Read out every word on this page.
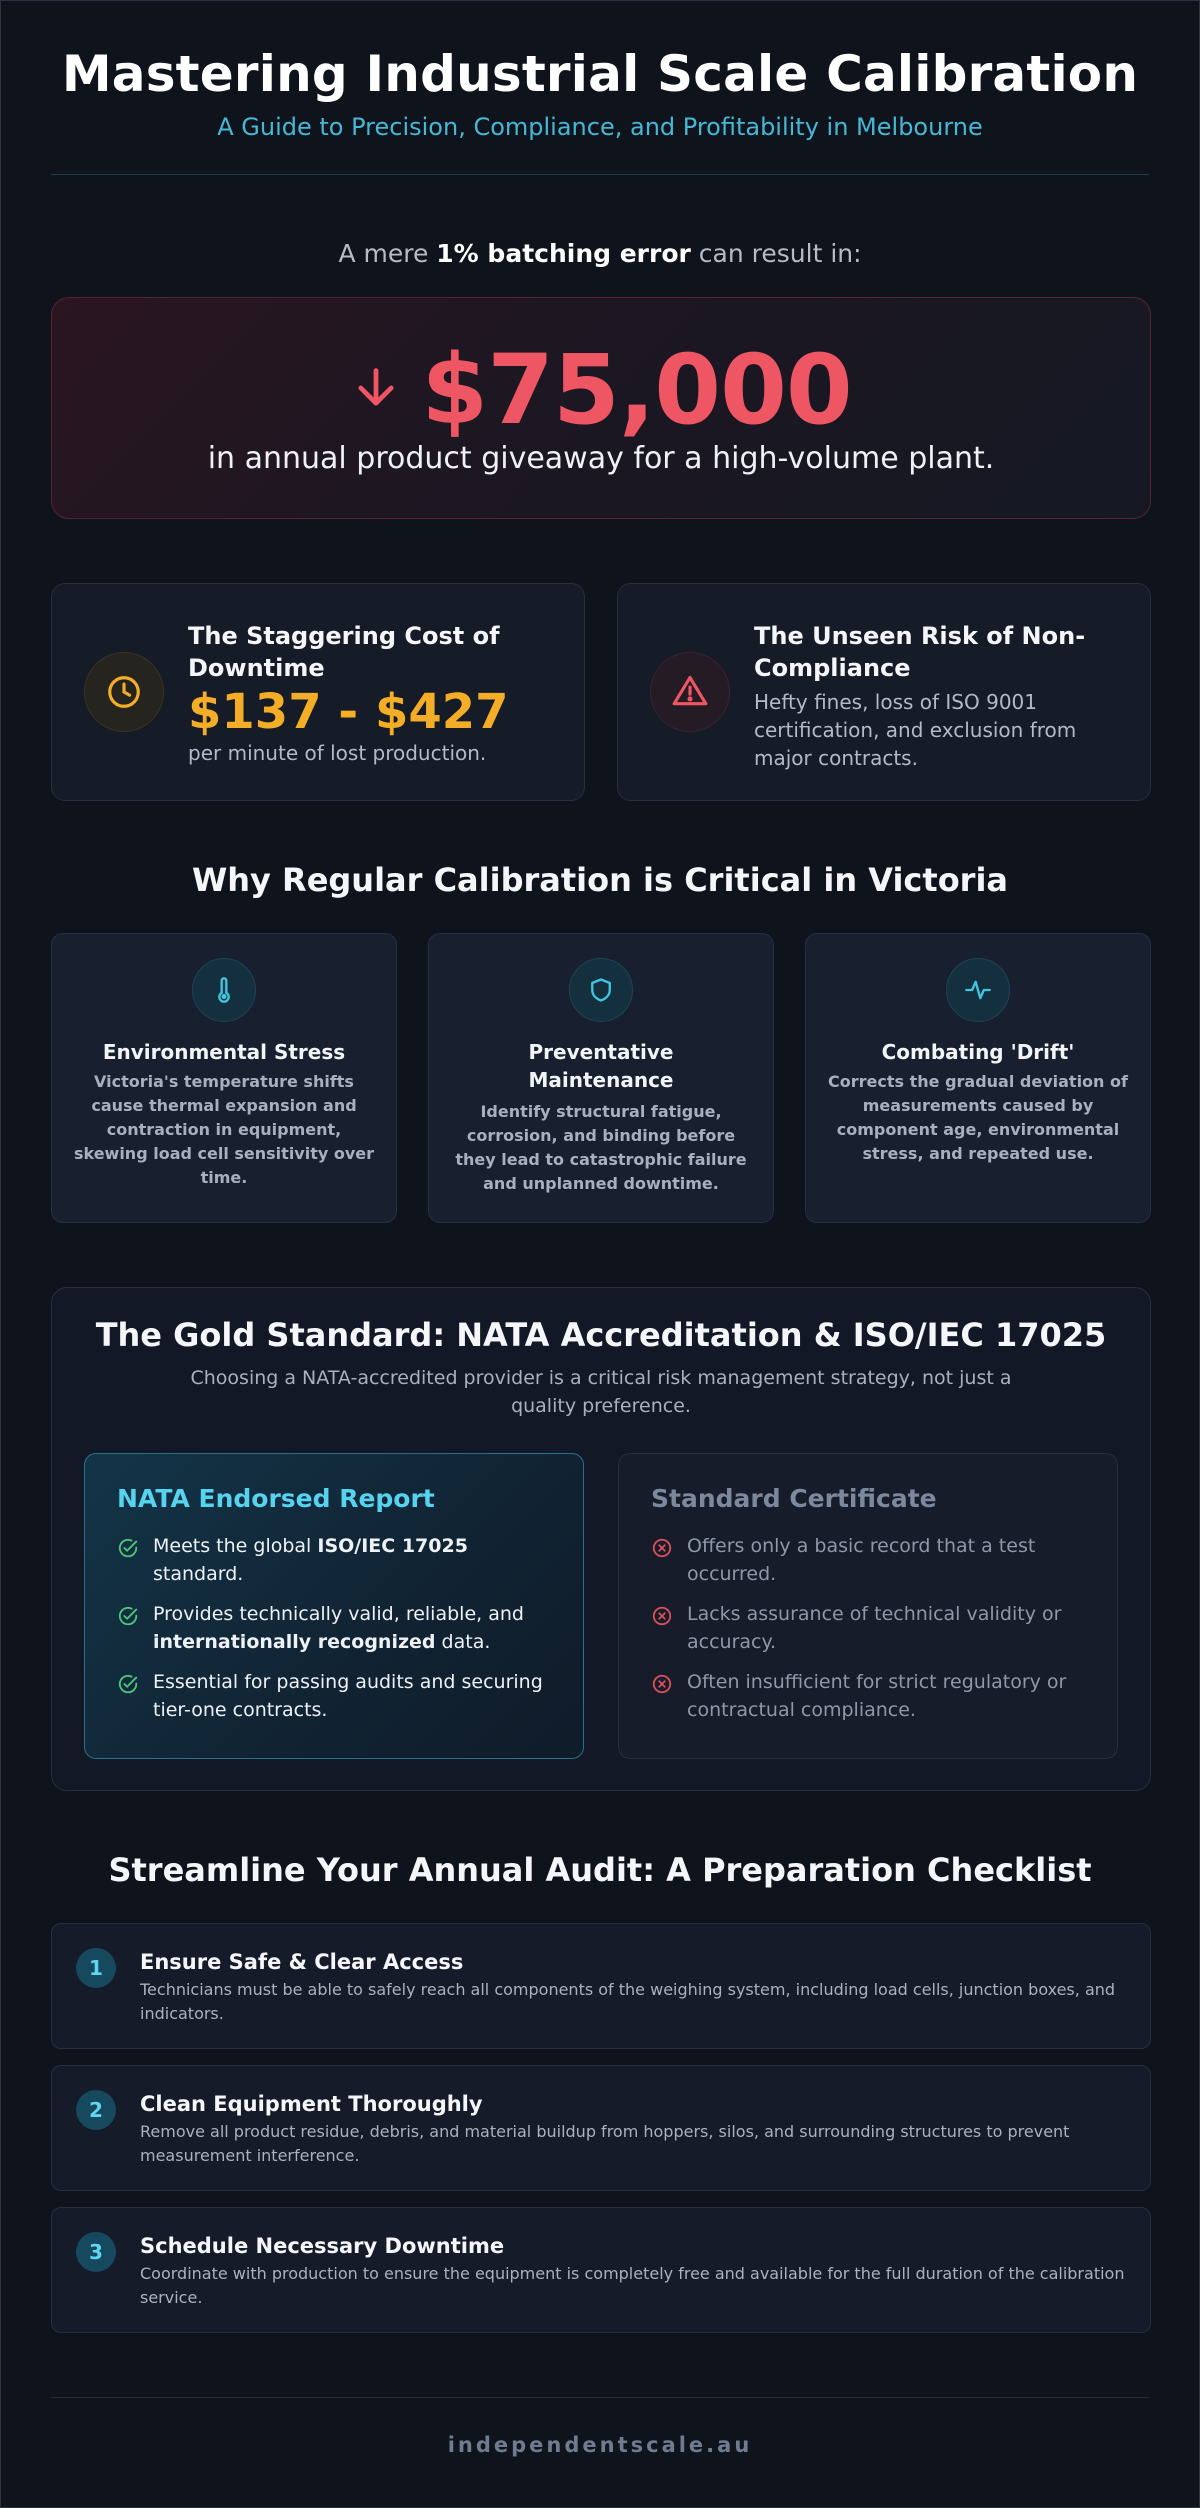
Mastering Industrial Scale Calibration
A Guide to Precision, Compliance, and Profitability in Melbourne
A mere 1% batching error can result in:
$75,000
in annual product giveaway for a high-volume plant.
The Staggering Cost of Downtime
$137 - $427
per minute of lost production.
The Unseen Risk of Non-Compliance
Hefty fines, loss of ISO 9001 certification, and exclusion from major contracts.
Why Regular Calibration is Critical in Victoria
Environmental Stress
Victoria's temperature shifts cause thermal expansion and contraction in equipment, skewing load cell sensitivity over time.
Preventative Maintenance
Identify structural fatigue, corrosion, and binding before they lead to catastrophic failure and unplanned downtime.
Combating 'Drift'
Corrects the gradual deviation of measurements caused by component age, environmental stress, and repeated use.
The Gold Standard: NATA Accreditation & ISO/IEC 17025
Choosing a NATA-accredited provider is a critical risk management strategy, not just a quality preference.
NATA Endorsed Report
Meets the global ISO/IEC 17025 standard.
Provides technically valid, reliable, and internationally recognized data.
Essential for passing audits and securing tier-one contracts.
Standard Certificate
Offers only a basic record that a test occurred.
Lacks assurance of technical validity or accuracy.
Often insufficient for strict regulatory or contractual compliance.
Streamline Your Annual Audit: A Preparation Checklist
1	Ensure Safe & Clear Access
Technicians must be able to safely reach all components of the weighing system, including load cells, junction boxes, and indicators.
2	Clean Equipment Thoroughly
Remove all product residue, debris, and material buildup from hoppers, silos, and surrounding structures to prevent measurement interference.
3	Schedule Necessary Downtime
Coordinate with production to ensure the equipment is completely free and available for the full duration of the calibration service.
independentscale.au
